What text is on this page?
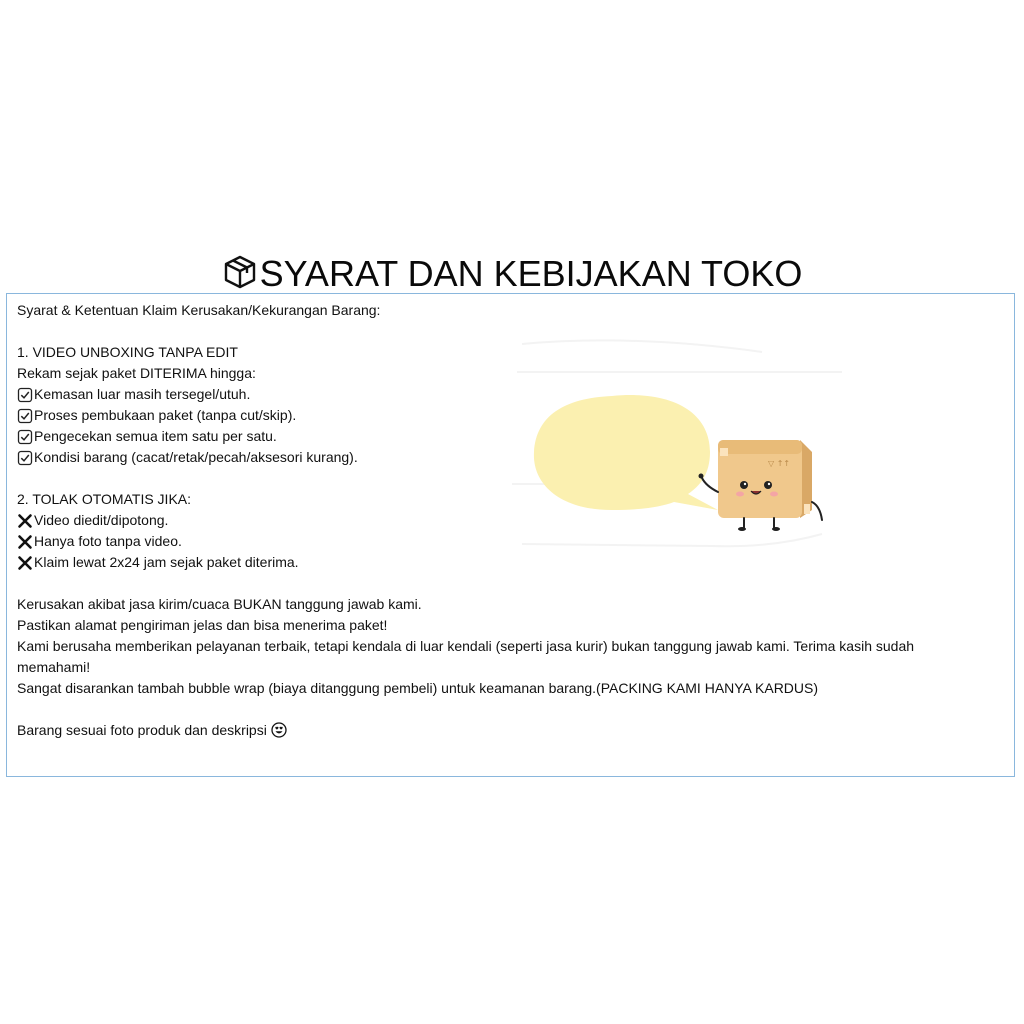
SYARAT DAN KEBIJAKAN TOKO

Syarat & Ketentuan Klaim Kerusakan/Kekurangan Barang:

1. VIDEO UNBOXING TANPA EDIT

Rekam sejak paket DITERIMA hingga:

Kemasan luar masih tersegel/utuh.
Proses pembukaan paket (tanpa cut/skip).
Pengecekan semua item satu per satu.
Kondisi barang (cacat/retak/pecah/aksesori kurang).

2. TOLAK OTOMATIS JIKA:

Video diedit/dipotong.
Hanya foto tanpa video.
Klaim lewat 2x24 jam sejak paket diterima.

Kerusakan akibat jasa kirim/cuaca BUKAN tanggung jawab kami.

Pastikan alamat pengiriman jelas dan bisa menerima paket!

Kami berusaha memberikan pelayanan terbaik, tetapi kendala di luar kendali (seperti jasa kurir) bukan tanggung jawab kami. Terima kasih sudah memahami!

Sangat disarankan tambah bubble wrap (biaya ditanggung pembeli) untuk keamanan barang.(PACKING KAMI HANYA KARDUS)

Barang sesuai foto produk dan deskripsi

▽ ↑↑
